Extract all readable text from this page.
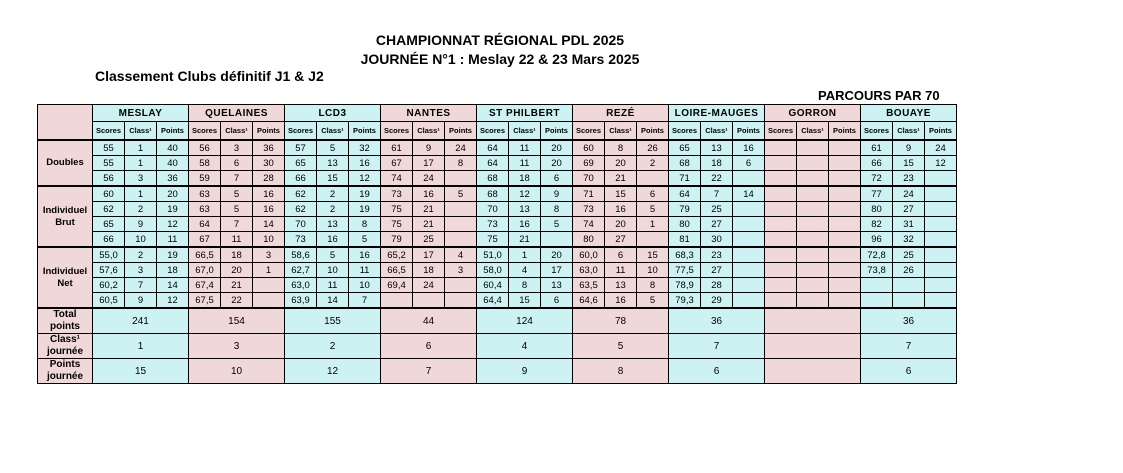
CHAMPIONNAT RÉGIONAL PDL 2025
JOURNÉE N°1 : Meslay 22 & 23 Mars 2025
Classement Clubs définitif J1 & J2
PARCOURS PAR 70
	MESLAY			QUELAINES			LCD3			NANTES			ST PHILBERT			REZÉ			LOIRE-MAUGES			GORRON			BOUAYE		
	Scores	Class¹	Points	Scores	Class¹	Points	Scores	Class¹	Points	Scores	Class¹	Points	Scores	Class¹	Points	Scores	Class¹	Points	Scores	Class¹	Points	Scores	Class¹	Points	Scores	Class¹	Points
Doubles	55	1	40	56	3	36	57	5	32	61	9	24	64	11	20	60	8	26	65	13	16				61	9	24
	55	1	40	58	6	30	65	13	16	67	17	8	64	11	20	69	20	2	68	18	6				66	15	12
	56	3	36	59	7	28	66	15	12	74	24		68	18	6	70	21		71	22					72	23	
Individuel Brut	60	1	20	63	5	16	62	2	19	73	16	5	68	12	9	71	15	6	64	7	14				77	24	
	62	2	19	63	5	16	62	2	19	75	21		70	13	8	73	16	5	79	25					80	27	
	65	9	12	64	7	14	70	13	8	75	21		73	16	5	74	20	1	80	27					82	31	
	66	10	11	67	11	10	73	16	5	79	25		75	21		80	27		81	30					96	32	
Individuel Net	55,0	2	19	66,5	18	3	58,6	5	16	65,2	17	4	51,0	1	20	60,0	6	15	68,3	23					72,8	25	
	57,6	3	18	67,0	20	1	62,7	10	11	66,5	18	3	58,0	4	17	63,0	11	10	77,5	27					73,8	26	
	60,2	7	14	67,4	21		63,0	11	10	69,4	24		60,4	8	13	63,5	13	8	78,9	28							
	60,5	9	12	67,5	22		63,9	14	7				64,4	15	6	64,6	16	5	79,3	29							
Total points	241			154			155			44			124			78			36						36		
Class¹ journée	1			3			2			6			4			5			7						7		
Points journée	15			10			12			7			9			8			6						6		
